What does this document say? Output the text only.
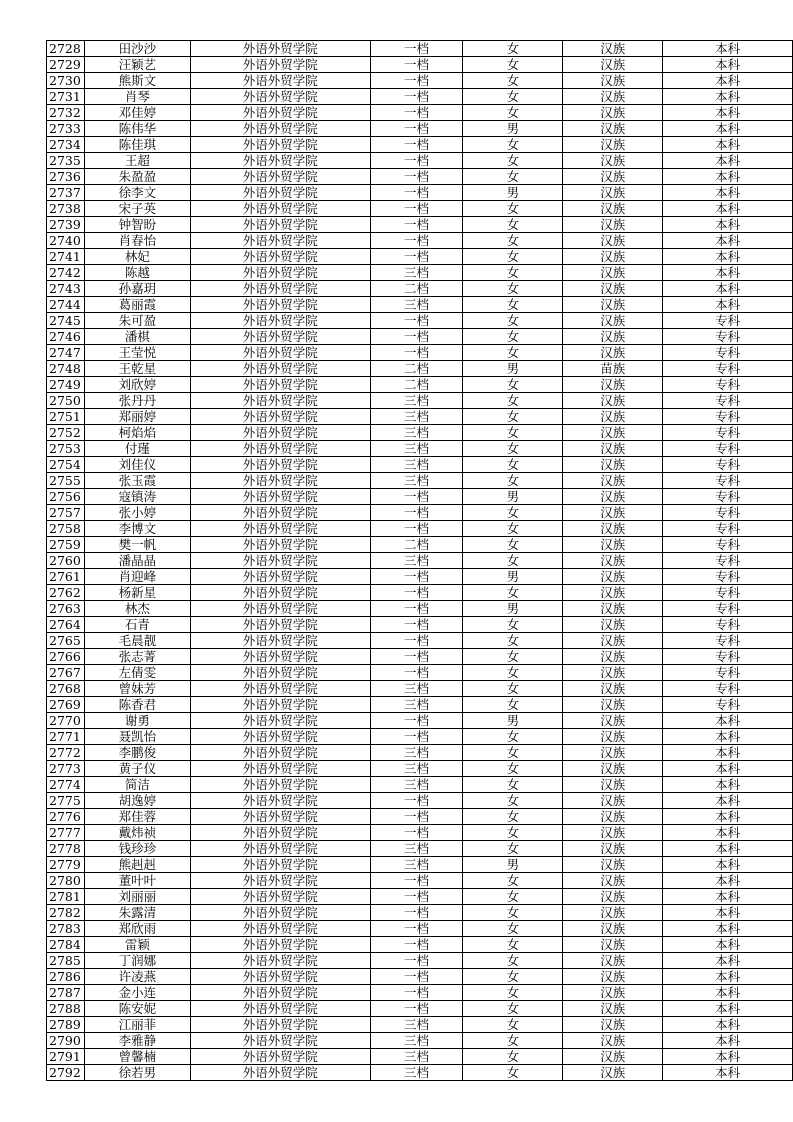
2728	田沙沙	外语外贸学院	一档	女	汉族	本科
2729	汪颖艺	外语外贸学院	一档	女	汉族	本科
2730	熊斯文	外语外贸学院	一档	女	汉族	本科
2731	肖琴	外语外贸学院	一档	女	汉族	本科
2732	邓佳婷	外语外贸学院	一档	女	汉族	本科
2733	陈伟华	外语外贸学院	一档	男	汉族	本科
2734	陈佳琪	外语外贸学院	一档	女	汉族	本科
2735	王超	外语外贸学院	一档	女	汉族	本科
2736	朱盈盈	外语外贸学院	一档	女	汉族	本科
2737	徐李文	外语外贸学院	一档	男	汉族	本科
2738	宋子英	外语外贸学院	一档	女	汉族	本科
2739	钟智盼	外语外贸学院	一档	女	汉族	本科
2740	肖春怡	外语外贸学院	一档	女	汉族	本科
2741	林妃	外语外贸学院	一档	女	汉族	本科
2742	陈越	外语外贸学院	三档	女	汉族	本科
2743	孙嘉玥	外语外贸学院	二档	女	汉族	本科
2744	葛丽霞	外语外贸学院	三档	女	汉族	本科
2745	朱可盈	外语外贸学院	一档	女	汉族	专科
2746	潘棋	外语外贸学院	一档	女	汉族	专科
2747	王莹悦	外语外贸学院	一档	女	汉族	专科
2748	王乾星	外语外贸学院	二档	男	苗族	专科
2749	刘欣婷	外语外贸学院	二档	女	汉族	专科
2750	张丹丹	外语外贸学院	三档	女	汉族	专科
2751	郑丽婷	外语外贸学院	三档	女	汉族	专科
2752	柯焰焰	外语外贸学院	三档	女	汉族	专科
2753	付瑾	外语外贸学院	三档	女	汉族	专科
2754	刘佳仪	外语外贸学院	三档	女	汉族	专科
2755	张玉霞	外语外贸学院	三档	女	汉族	专科
2756	寇镇涛	外语外贸学院	一档	男	汉族	专科
2757	张小婷	外语外贸学院	一档	女	汉族	专科
2758	李博文	外语外贸学院	一档	女	汉族	专科
2759	樊一帆	外语外贸学院	二档	女	汉族	专科
2760	潘晶晶	外语外贸学院	三档	女	汉族	专科
2761	肖迎峰	外语外贸学院	一档	男	汉族	专科
2762	杨新星	外语外贸学院	一档	女	汉族	专科
2763	林杰	外语外贸学院	一档	男	汉族	专科
2764	石青	外语外贸学院	一档	女	汉族	专科
2765	毛晨靓	外语外贸学院	一档	女	汉族	专科
2766	张志菁	外语外贸学院	一档	女	汉族	专科
2767	左倩雯	外语外贸学院	一档	女	汉族	专科
2768	曾妹芳	外语外贸学院	三档	女	汉族	专科
2769	陈香君	外语外贸学院	三档	女	汉族	专科
2770	谢勇	外语外贸学院	一档	男	汉族	本科
2771	聂凯怡	外语外贸学院	一档	女	汉族	本科
2772	李鹏俊	外语外贸学院	三档	女	汉族	本科
2773	黄子仪	外语外贸学院	三档	女	汉族	本科
2774	简洁	外语外贸学院	三档	女	汉族	本科
2775	胡逸婷	外语外贸学院	一档	女	汉族	本科
2776	郑佳蓉	外语外贸学院	一档	女	汉族	本科
2777	戴炜祯	外语外贸学院	一档	女	汉族	本科
2778	钱珍珍	外语外贸学院	三档	女	汉族	本科
2779	熊赳赳	外语外贸学院	三档	男	汉族	本科
2780	董叶叶	外语外贸学院	一档	女	汉族	本科
2781	刘丽丽	外语外贸学院	一档	女	汉族	本科
2782	朱露清	外语外贸学院	一档	女	汉族	本科
2783	郑欣雨	外语外贸学院	一档	女	汉族	本科
2784	雷颖	外语外贸学院	一档	女	汉族	本科
2785	丁润娜	外语外贸学院	一档	女	汉族	本科
2786	许凌燕	外语外贸学院	一档	女	汉族	本科
2787	金小连	外语外贸学院	一档	女	汉族	本科
2788	陈安妮	外语外贸学院	一档	女	汉族	本科
2789	江丽菲	外语外贸学院	三档	女	汉族	本科
2790	李雅静	外语外贸学院	三档	女	汉族	本科
2791	曾馨楠	外语外贸学院	三档	女	汉族	本科
2792	徐若男	外语外贸学院	三档	女	汉族	本科
